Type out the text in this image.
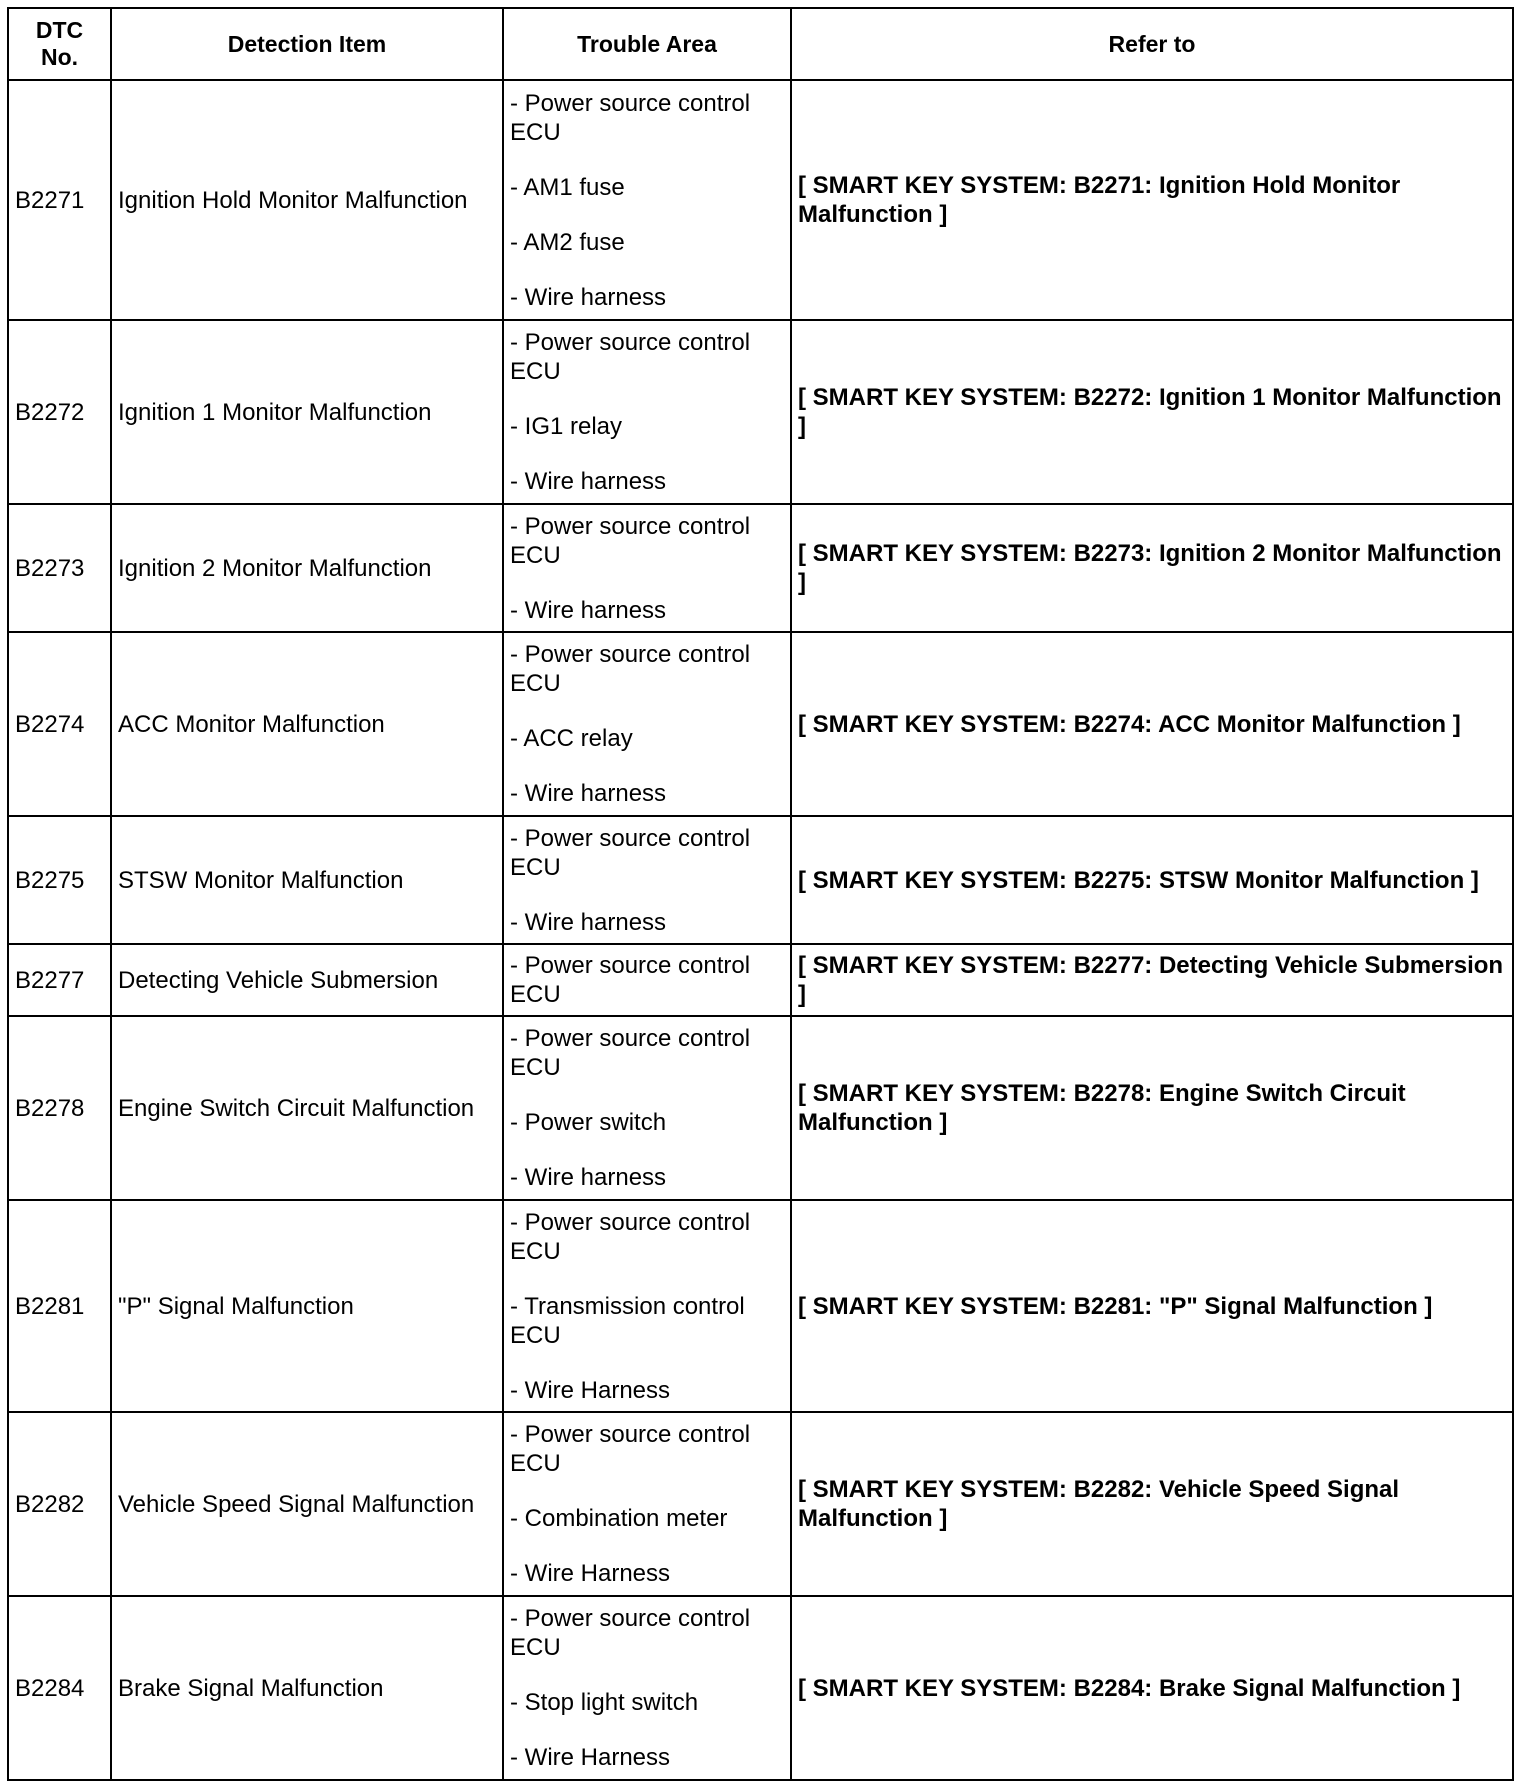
DTC No.	Detection Item	Trouble Area	Refer to
B2271	Ignition Hold Monitor Malfunction	- Power source control ECU
- AM1 fuse
- AM2 fuse
- Wire harness	[ SMART KEY SYSTEM: B2271: Ignition Hold Monitor Malfunction ]
B2272	Ignition 1 Monitor Malfunction	- Power source control ECU
- IG1 relay
- Wire harness	[ SMART KEY SYSTEM: B2272: Ignition 1 Monitor Malfunction ]
B2273	Ignition 2 Monitor Malfunction	- Power source control ECU
- Wire harness	[ SMART KEY SYSTEM: B2273: Ignition 2 Monitor Malfunction ]
B2274	ACC Monitor Malfunction	- Power source control ECU
- ACC relay
- Wire harness	[ SMART KEY SYSTEM: B2274: ACC Monitor Malfunction ]
B2275	STSW Monitor Malfunction	- Power source control ECU
- Wire harness	[ SMART KEY SYSTEM: B2275: STSW Monitor Malfunction ]
B2277	Detecting Vehicle Submersion	- Power source control ECU	[ SMART KEY SYSTEM: B2277: Detecting Vehicle Submersion ]
B2278	Engine Switch Circuit Malfunction	- Power source control ECU
- Power switch
- Wire harness	[ SMART KEY SYSTEM: B2278: Engine Switch Circuit Malfunction ]
B2281	"P" Signal Malfunction	- Power source control ECU
- Transmission control ECU
- Wire Harness	[ SMART KEY SYSTEM: B2281: "P" Signal Malfunction ]
B2282	Vehicle Speed Signal Malfunction	- Power source control ECU
- Combination meter
- Wire Harness	[ SMART KEY SYSTEM: B2282: Vehicle Speed Signal Malfunction ]
B2284	Brake Signal Malfunction	- Power source control ECU
- Stop light switch
- Wire Harness	[ SMART KEY SYSTEM: B2284: Brake Signal Malfunction ]
